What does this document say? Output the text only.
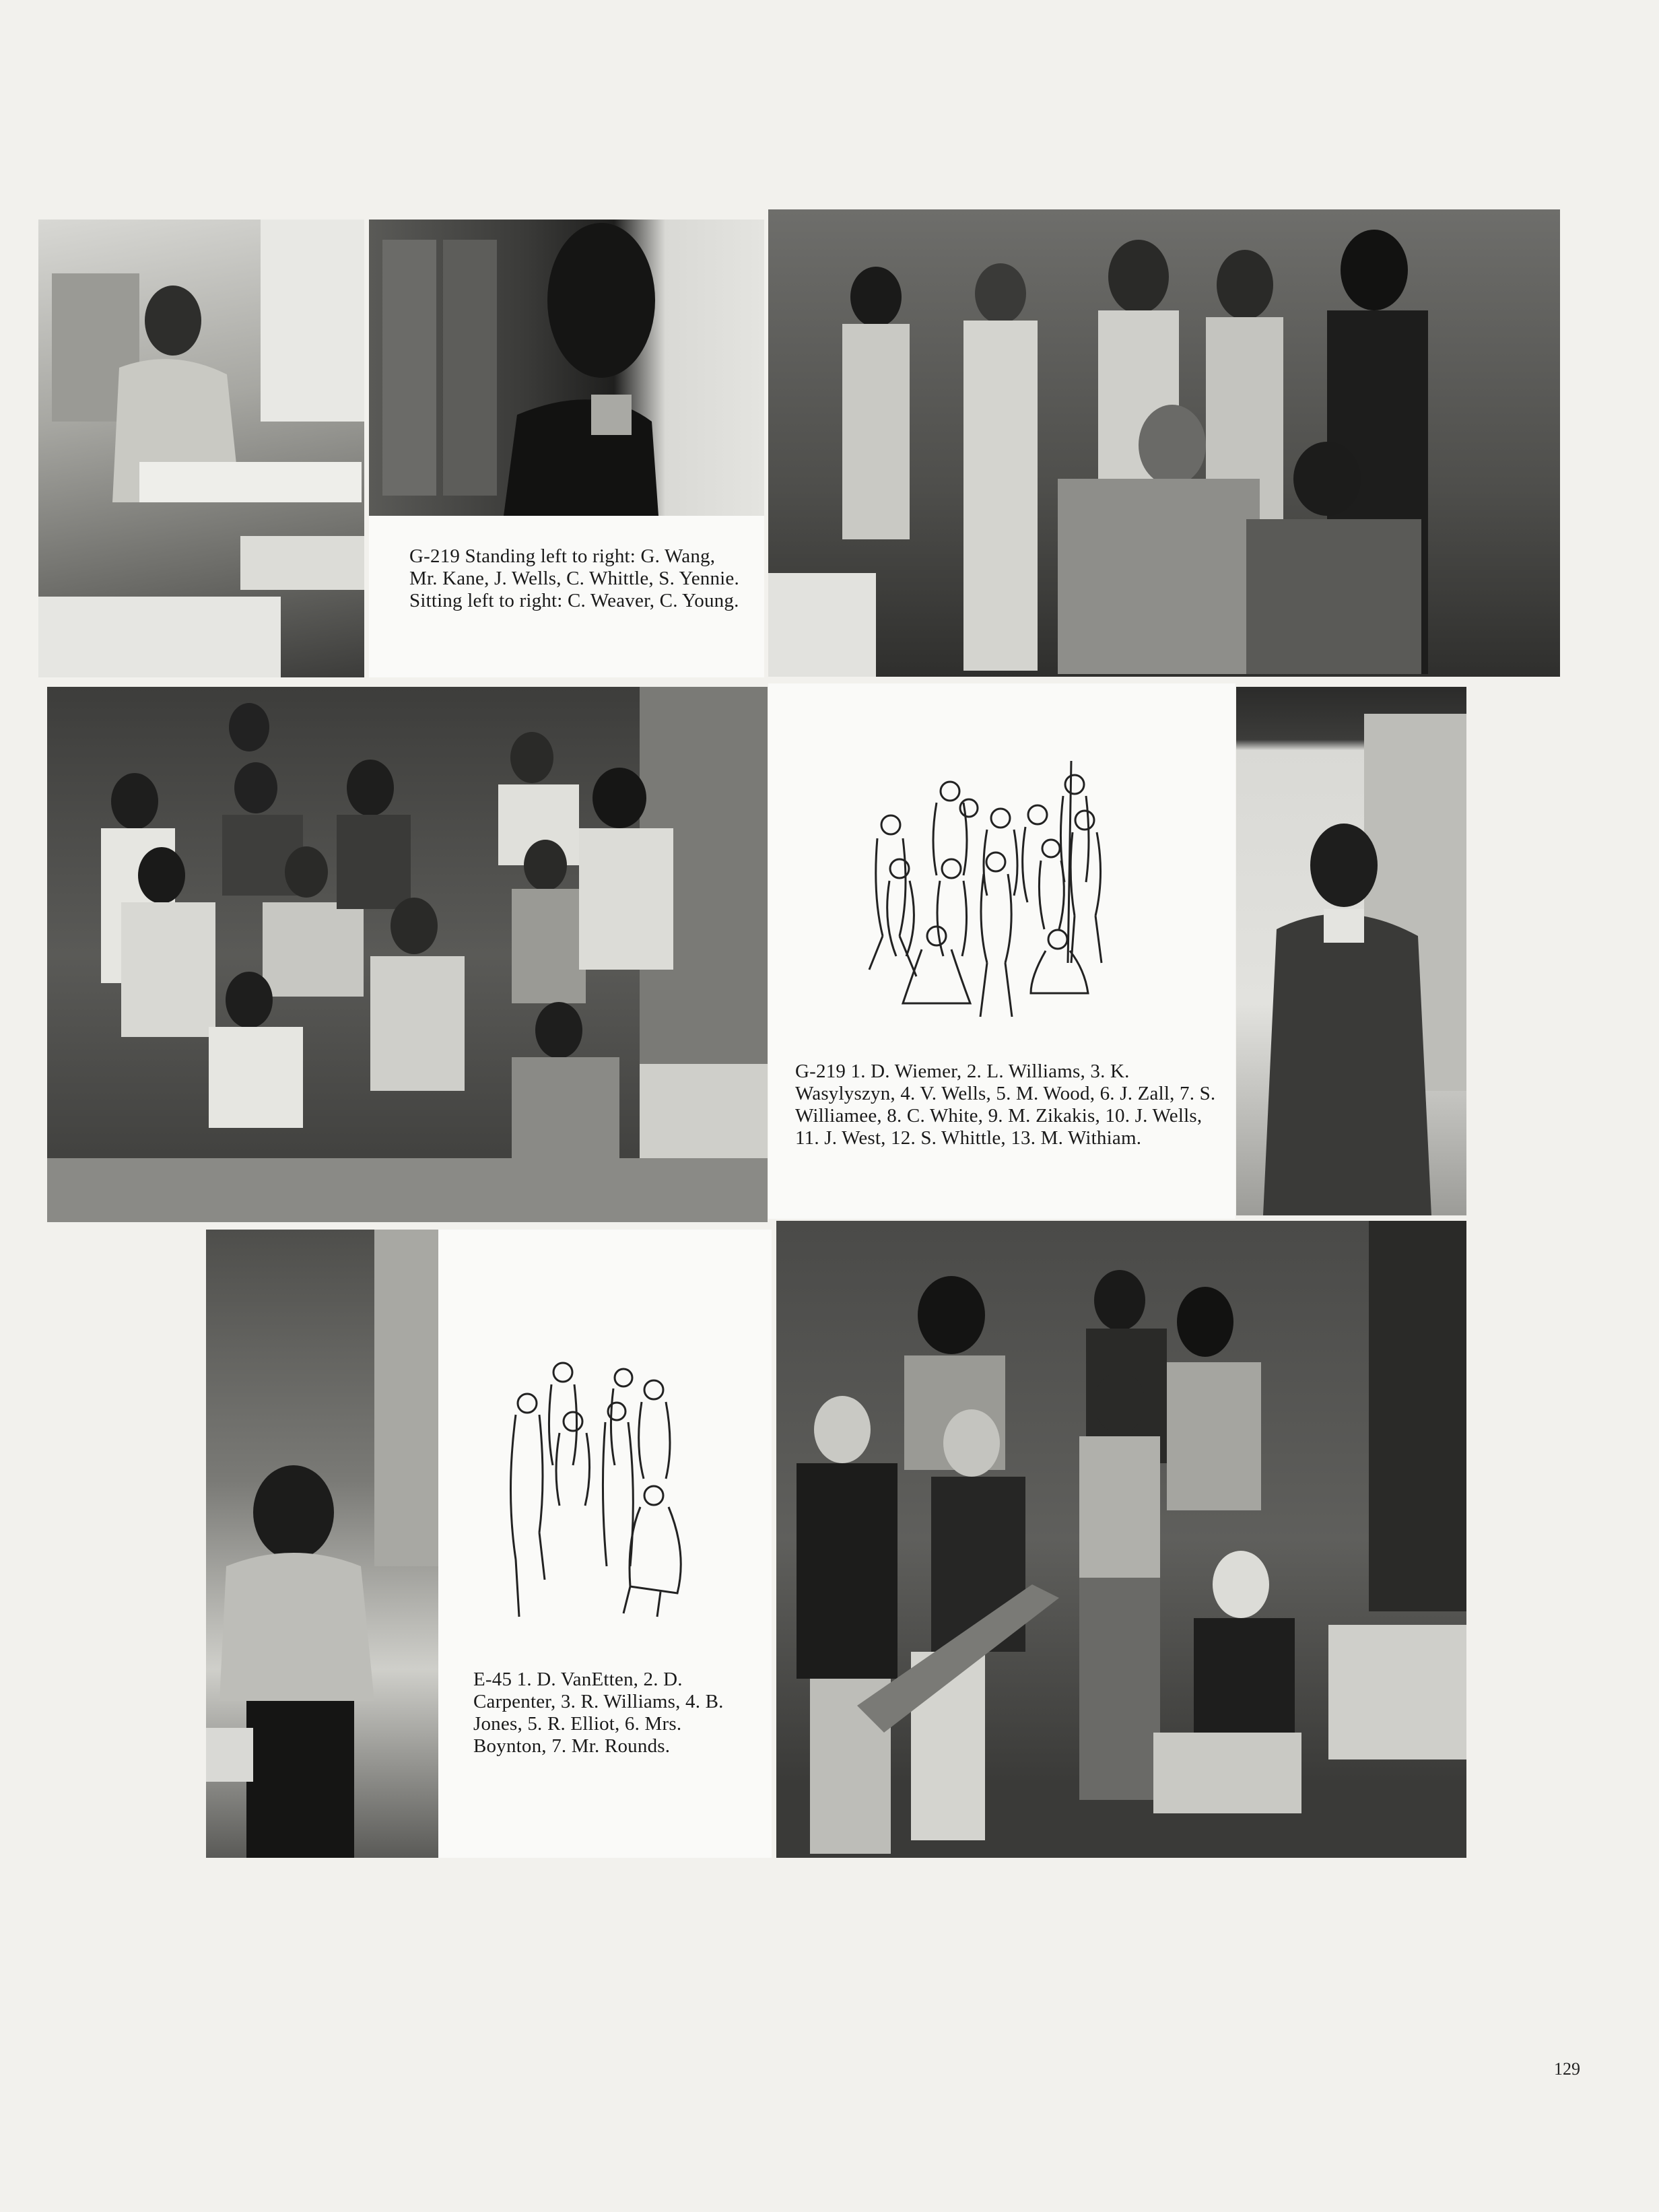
G-219 Standing left to right: G. Wang, Mr. Kane, J. Wells, C. Whittle, S. Yennie. Sitting left to right: C. Weaver, C. Young.

G-219 1. D. Wiemer, 2. L. Williams, 3. K. Wasylyszyn, 4. V. Wells, 5. M. Wood, 6. J. Zall, 7. S. Williamee, 8. C. White, 9. M. Zikakis, 10. J. Wells, 11. J. West, 12. S. Whittle, 13. M. Withiam.

E-45 1. D. VanEtten, 2. D. Carpenter, 3. R. Williams, 4. B. Jones, 5. R. Elliot, 6. Mrs. Boynton, 7. Mr. Rounds.

129
